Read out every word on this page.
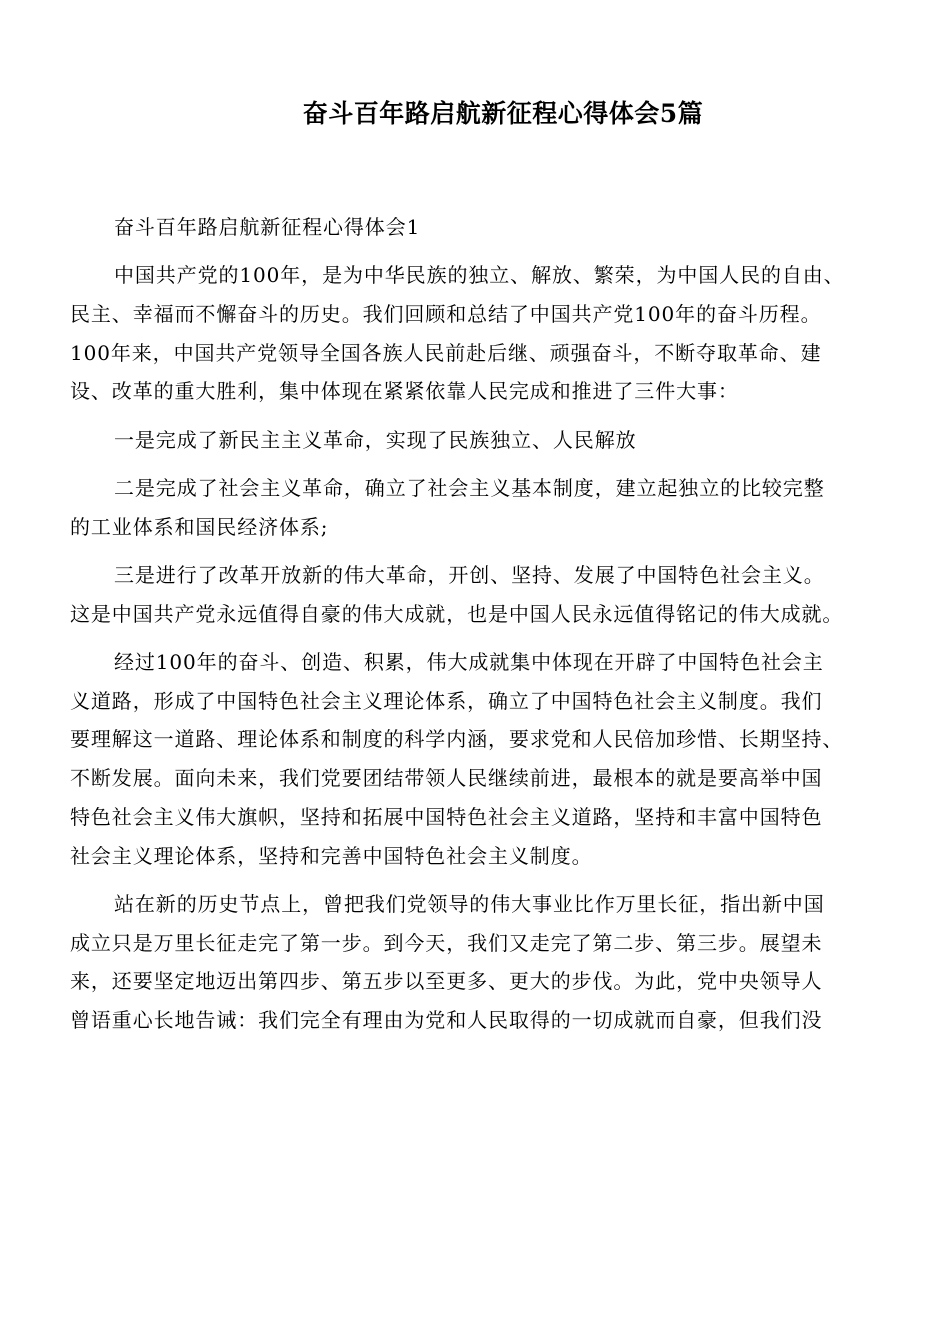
奋斗百年路启航新征程心得体会5篇

奋斗百年路启航新征程心得体会1

中国共产党的100年，是为中华民族的独立、解放、繁荣，为中国人民的自由、
民主、幸福而不懈奋斗的历史。我们回顾和总结了中国共产党100年的奋斗历程。
100年来，中国共产党领导全国各族人民前赴后继、顽强奋斗，不断夺取革命、建
设、改革的重大胜利，集中体现在紧紧依靠人民完成和推进了三件大事：

一是完成了新民主主义革命，实现了民族独立、人民解放

二是完成了社会主义革命，确立了社会主义基本制度，建立起独立的比较完整
的工业体系和国民经济体系;

三是进行了改革开放新的伟大革命，开创、坚持、发展了中国特色社会主义。
这是中国共产党永远值得自豪的伟大成就，也是中国人民永远值得铭记的伟大成就。

经过100年的奋斗、创造、积累，伟大成就集中体现在开辟了中国特色社会主
义道路，形成了中国特色社会主义理论体系，确立了中国特色社会主义制度。我们
要理解这一道路、理论体系和制度的科学内涵，要求党和人民倍加珍惜、长期坚持、
不断发展。面向未来，我们党要团结带领人民继续前进，最根本的就是要高举中国
特色社会主义伟大旗帜，坚持和拓展中国特色社会主义道路，坚持和丰富中国特色
社会主义理论体系，坚持和完善中国特色社会主义制度。

站在新的历史节点上，曾把我们党领导的伟大事业比作万里长征，指出新中国
成立只是万里长征走完了第一步。到今天，我们又走完了第二步、第三步。展望未
来，还要坚定地迈出第四步、第五步以至更多、更大的步伐。为此，党中央领导人
曾语重心长地告诫：我们完全有理由为党和人民取得的一切成就而自豪，但我们没
